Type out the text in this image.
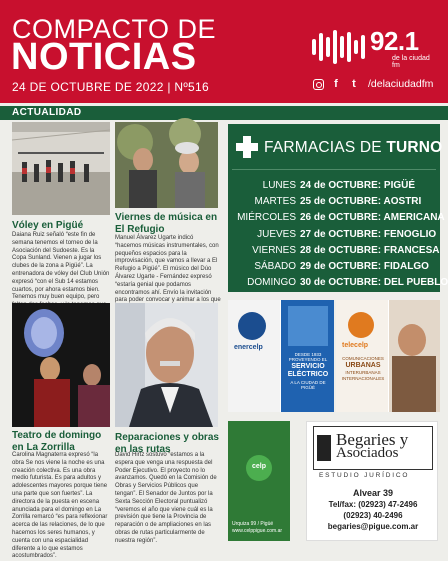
COMPACTO DE
NOTICIAS
24 DE OCTUBRE DE 2022 | Nº516
92.1
de la ciudad fm
f	t	/delaciudadfm
ACTUALIDAD
Vóley en Pigüé
Daiana Ruiz señaló “este fin de semana tenemos el torneo de la Asociación del Sudoeste. Es la Copa Sunland. Vienen a jugar los clubes de la zona a Pigüé”. La entrenadora de vóley del Club Unión expresó “con el Sub 14 estamos cuartos, por ahora estamos bien. Tenemos muy buen equipo, pero
Viernes de música en El Refugio
Manuel Álvarez Ugarte indicó “hacemos músicas instrumentales, con pequeños espacios para la improvisación, que vamos a llevar a El Refugio a Pigüé”. El músico del Dúo Álvarez Ugarte - Fernández expresó “estaría genial que podamos encontramos ahí. Envío la invitación para poder convocar y animar a los que
Teatro de domingo en La Zorrilla
Carolina Magnaterra expresó “la obra Se nos viene la noche es una creación colectiva. Es una obra medio futurista. Es para adultos y adolescentes mayores porque tiene una parte que son fuertes”. La directora de la puesta en escena anunciada para el domingo en La Zorrilla remarcó “es para reflexionar acerca de las relaciones, de lo que hacemos los seres humanos, y cuenta con una espacialidad diferente a lo que estamos acostumbrados”.
Reparaciones y obras en las rutas
David Hirtz sostuvo “estamos a la espera que venga una respuesta del Poder Ejecutivo. El proyecto no lo avanzamos. Quedó en la Comisión de Obras y Servicios Públicos que tengan”. El Senador de Juntos por la Sexta Sección Electoral puntualizó “veremos el año que viene cuál es la previsión que tiene la Provincia de reparación o de ampliaciones en las obras de rutas particularmente de nuestra región”.
FARMACIAS DE TURNO
LUNES 24 de OCTUBRE: PIGÜÉ
MARTES 25 de OCTUBRE: AOSTRI
MIÉRCOLES 26 de OCTUBRE: AMERICANA
JUEVES 27 de OCTUBRE: FENOGLIO
VIERNES 28 de OCTUBRE: FRANCESA
SÁBADO 29 de OCTUBRE: FIDALGO
DOMINGO 30 de OCTUBRE: DEL PUEBLO
enercelp
DESDE 1933
PROVEYENDO EL
SERVICIO
ELÉCTRICO
A LA CIUDAD DE PIGÜÉ
telecelp
COMUNICACIONES
URBANAS
INTERURBANAS
INTERNACIONALES
celp
Urquiza 99 / Pigüé
www.celppigue.com.ar
Begaries y
Asociados
ESTUDIO JURÍDICO
Alvear 39
Tel/fax: (02923) 47-2496
(02923) 40-2496
begaries@pigue.com.ar
